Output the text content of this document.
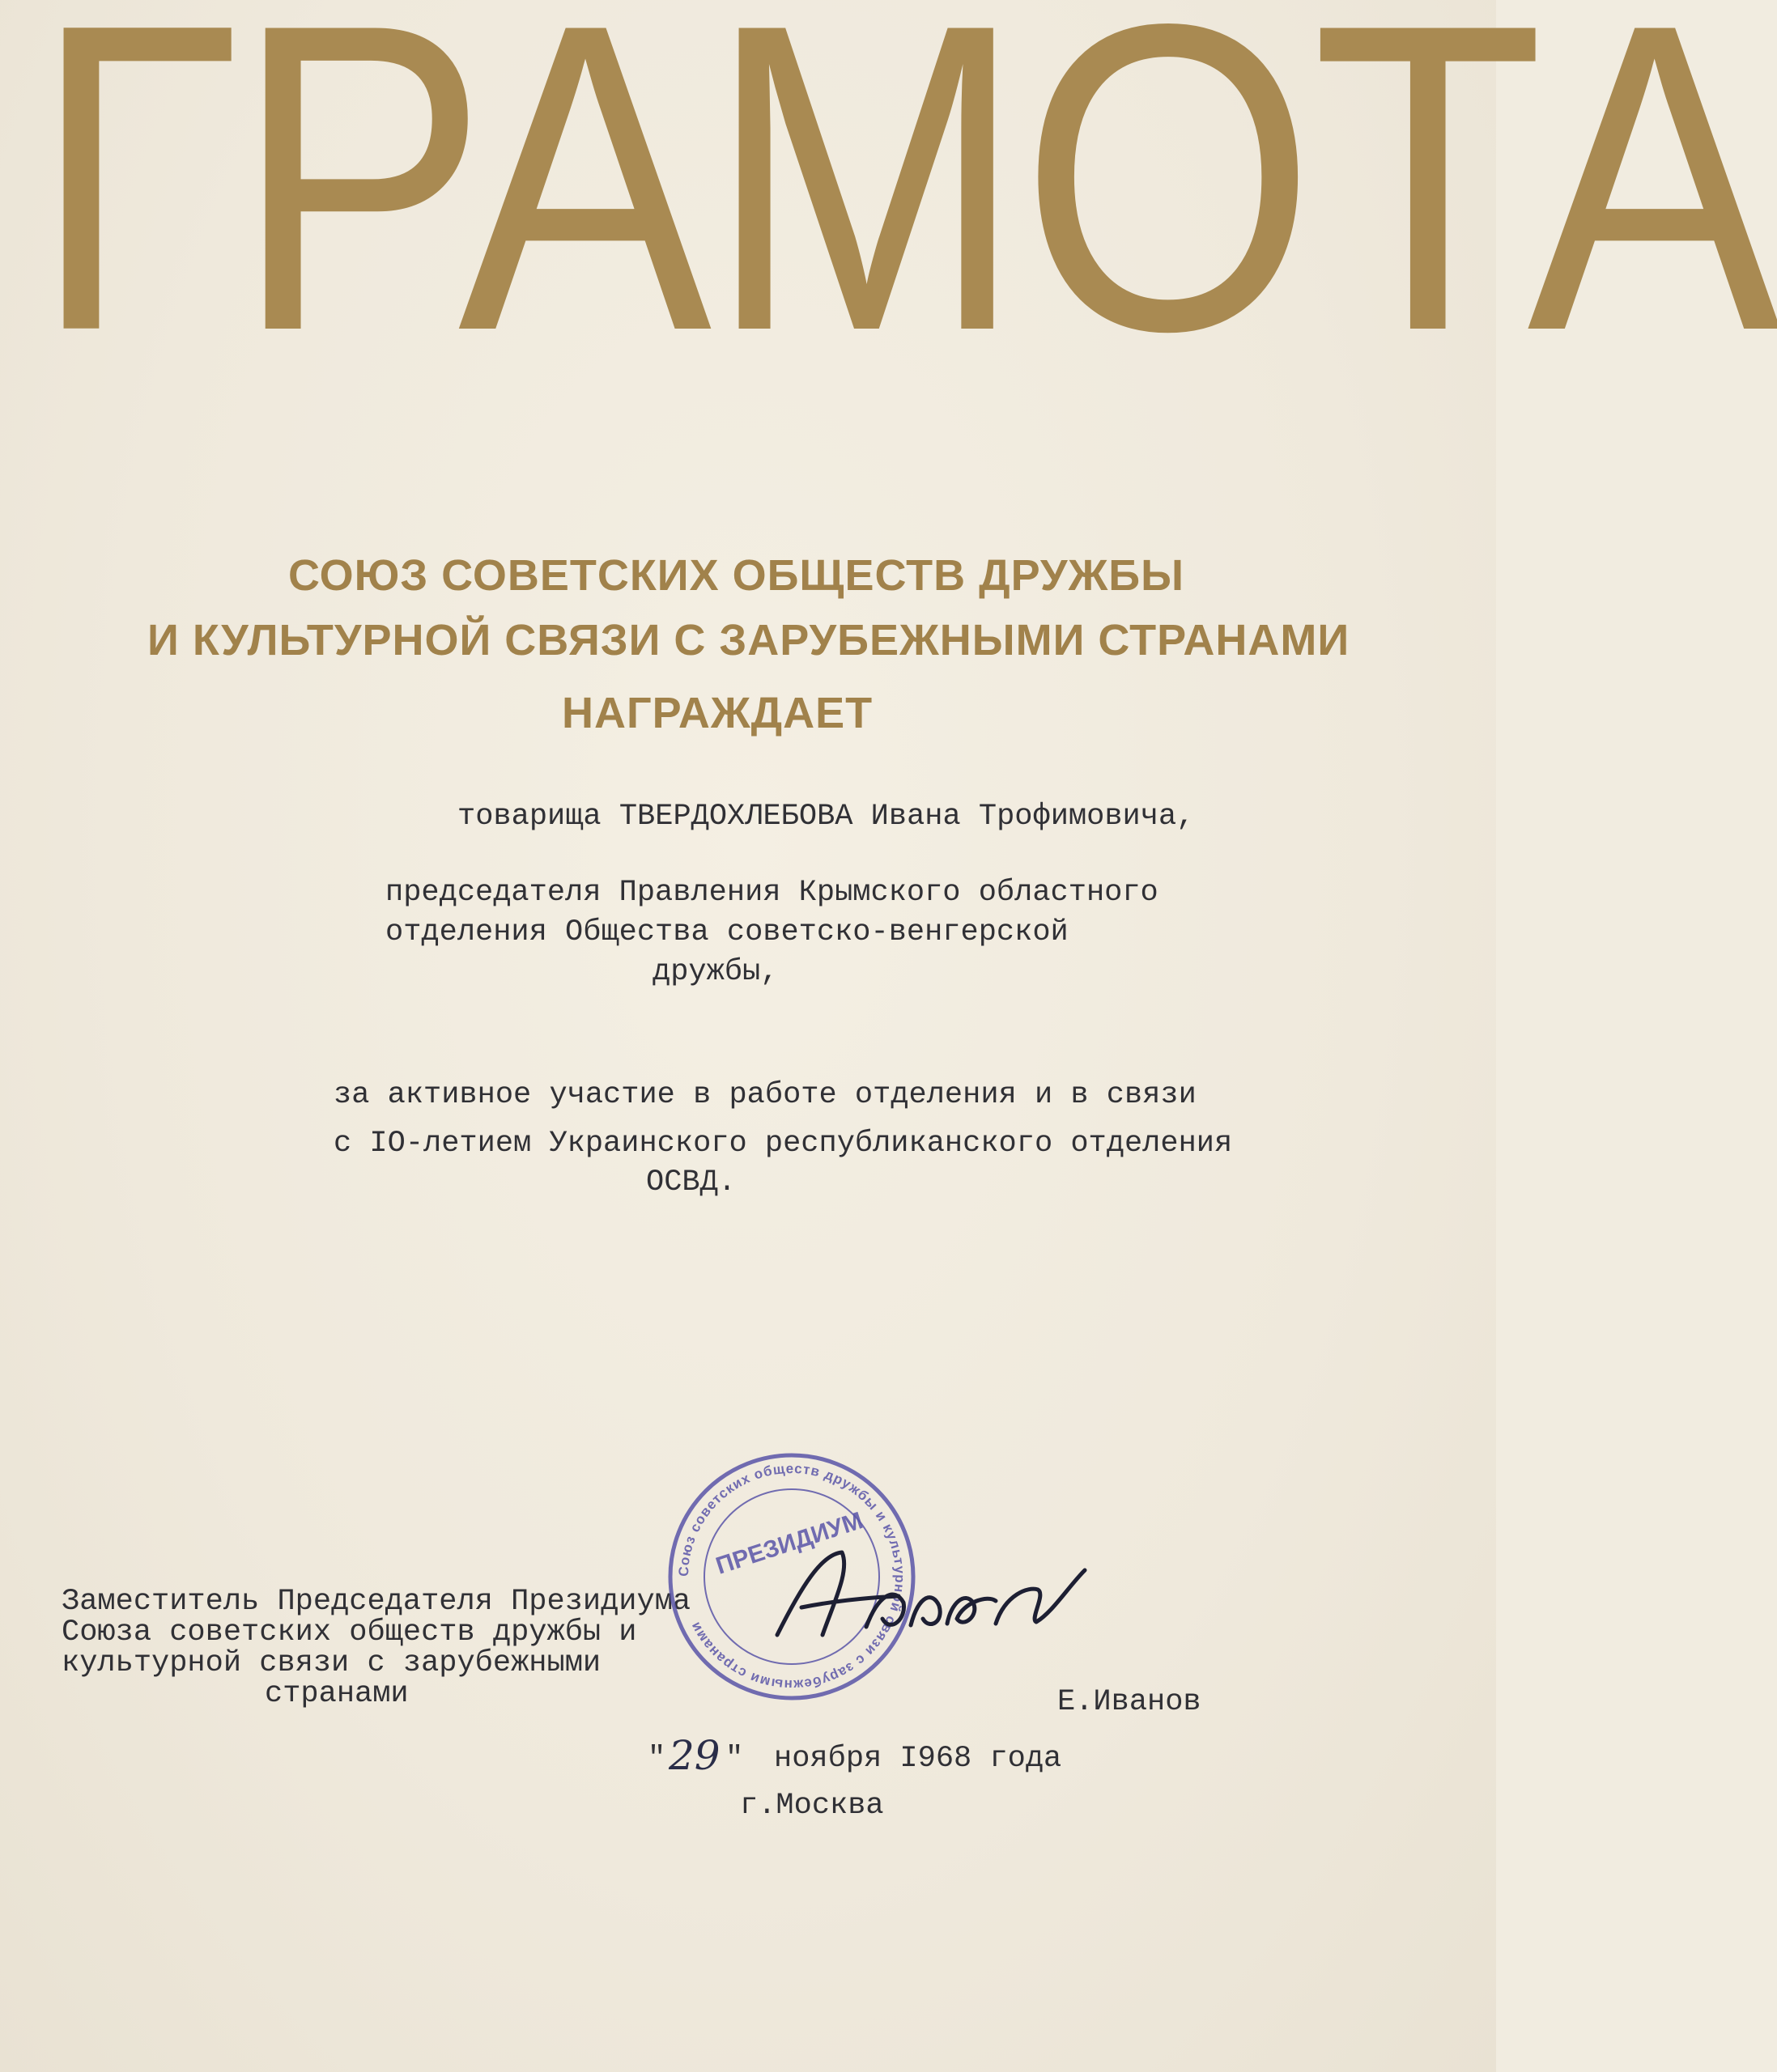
ГРАМОТА
СОЮЗ СОВЕТСКИХ ОБЩЕСТВ ДРУЖБЫ
И КУЛЬТУРНОЙ СВЯЗИ С ЗАРУБЕЖНЫМИ СТРАНАМИ
НАГРАЖДАЕТ
товарища ТВЕРДОХЛЕБОВА Ивана Трофимовича,
председателя Правления Крымского областного
отделения Общества советско-венгерской
дружбы,
за активное участие в работе отделения и в связи
с IO-летием Украинского республиканского отделения
ОСВД.
Заместитель Председателя Президиума
Союза советских обществ дружбы и
культурной связи с зарубежными
странами
Союз советских обществ дружбы и культурной связи с зарубежными странами
ПРЕЗИДИУМ
Е.Иванов
" 29 " ноября I968 года
г.Москва
